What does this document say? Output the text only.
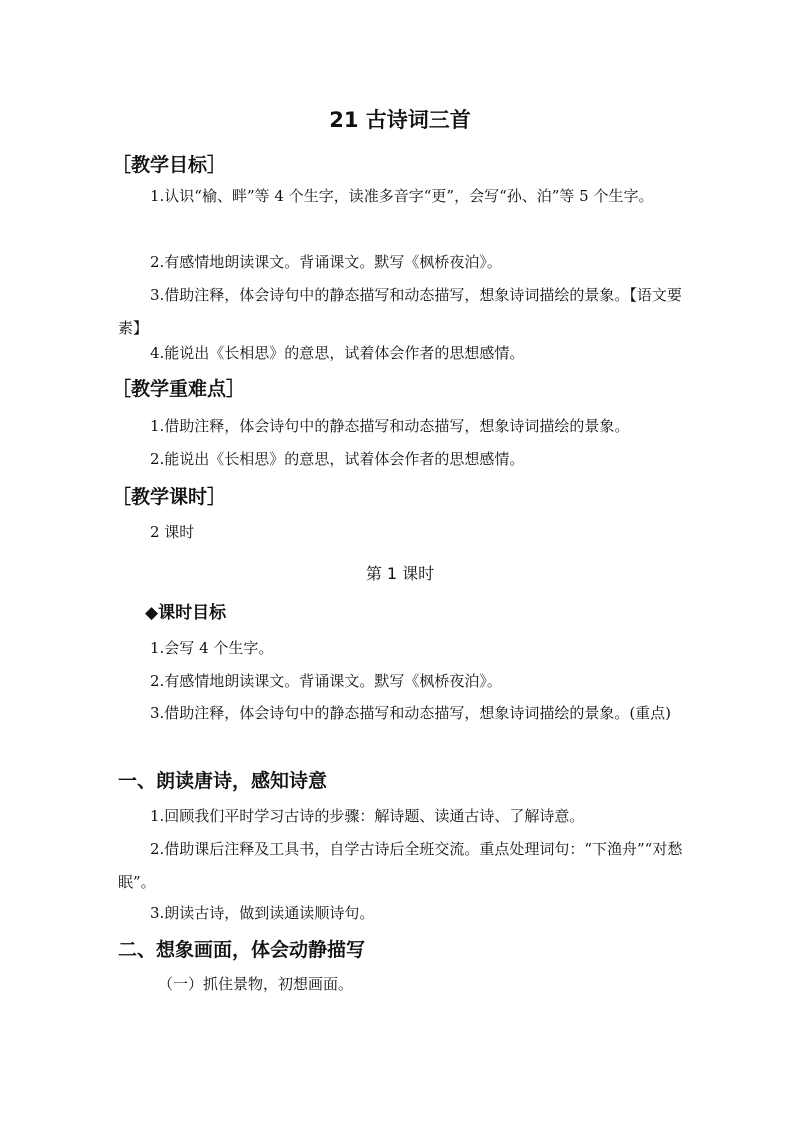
21 古诗词三首
［教学目标］
1.认识“榆、畔”等 4 个生字，读准多音字“更”，会写“孙、泊”等 5 个生字。
2.有感情地朗读课文。背诵课文。默写《枫桥夜泊》。
3.借助注释，体会诗句中的静态描写和动态描写，想象诗词描绘的景象。【语文要素】
4.能说出《长相思》的意思，试着体会作者的思想感情。
［教学重难点］
1.借助注释，体会诗句中的静态描写和动态描写，想象诗词描绘的景象。
2.能说出《长相思》的意思，试着体会作者的思想感情。
［教学课时］
2 课时
第 1 课时
◆课时目标
1.会写 4 个生字。
2.有感情地朗读课文。背诵课文。默写《枫桥夜泊》。
3.借助注释，体会诗句中的静态描写和动态描写，想象诗词描绘的景象。(重点)
一、朗读唐诗，感知诗意
1.回顾我们平时学习古诗的步骤：解诗题、读通古诗、了解诗意。
2.借助课后注释及工具书，自学古诗后全班交流。重点处理词句：“下渔舟”“对愁眠”。
3.朗读古诗，做到读通读顺诗句。
二、想象画面，体会动静描写
（一）抓住景物，初想画面。
